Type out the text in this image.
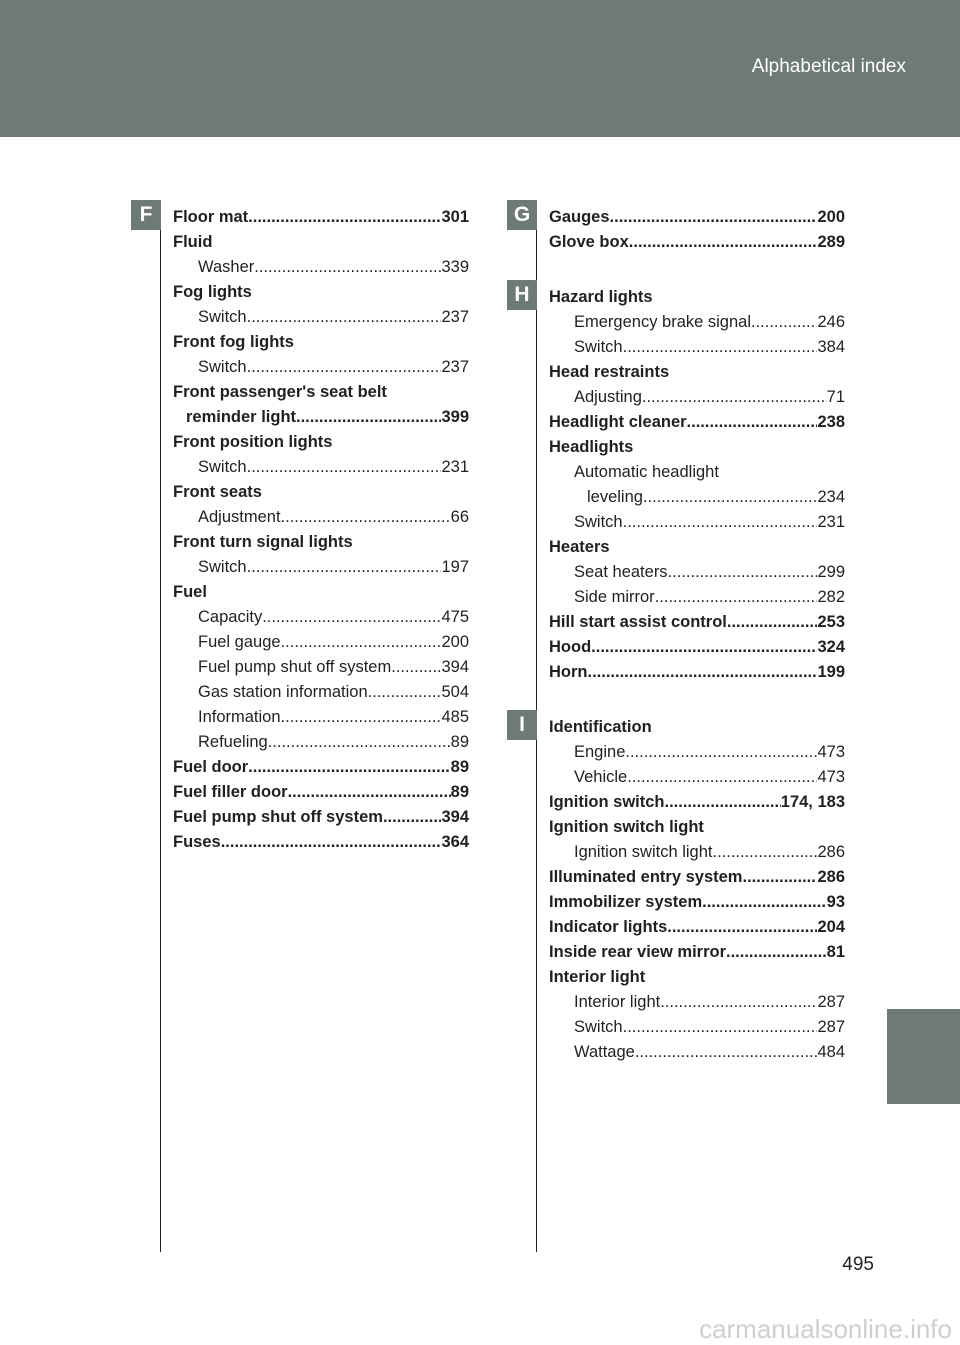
Alphabetical index
F	G
H
I
Floor mat .....	301
Fluid
Washer .....	339
Fog lights
Switch .....	237
Front fog lights
Switch .....	237
Front passenger's seat belt
reminder light .....	399
Front position lights
Switch .....	231
Front seats
Adjustment .....	66
Front turn signal lights
Switch .....	197
Fuel
Capacity .....	475
Fuel gauge .....	200
Fuel pump shut off system .....	394
Gas station information .....	504
Information .....	485
Refueling .....	89
Fuel door .....	89
Fuel filler door .....	89
Fuel pump shut off system .....	394
Fuses .....	364
Gauges .....	200
Glove box .....	289
Hazard lights
Emergency brake signal .....	246
Switch .....	384
Head restraints
Adjusting .....	71
Headlight cleaner .....	238
Headlights
Automatic headlight
leveling .....	234
Switch .....	231
Heaters
Seat heaters .....	299
Side mirror .....	282
Hill start assist control .....	253
Hood .....	324
Horn .....	199
Identification
Engine .....	473
Vehicle .....	473
Ignition switch .....	174, 183
Ignition switch light
Ignition switch light .....	286
Illuminated entry system .....	286
Immobilizer system .....	93
Indicator lights .....	204
Inside rear view mirror .....	81
Interior light
Interior light .....	287
Switch .....	287
Wattage .....	484
495
carmanualsonline.info
